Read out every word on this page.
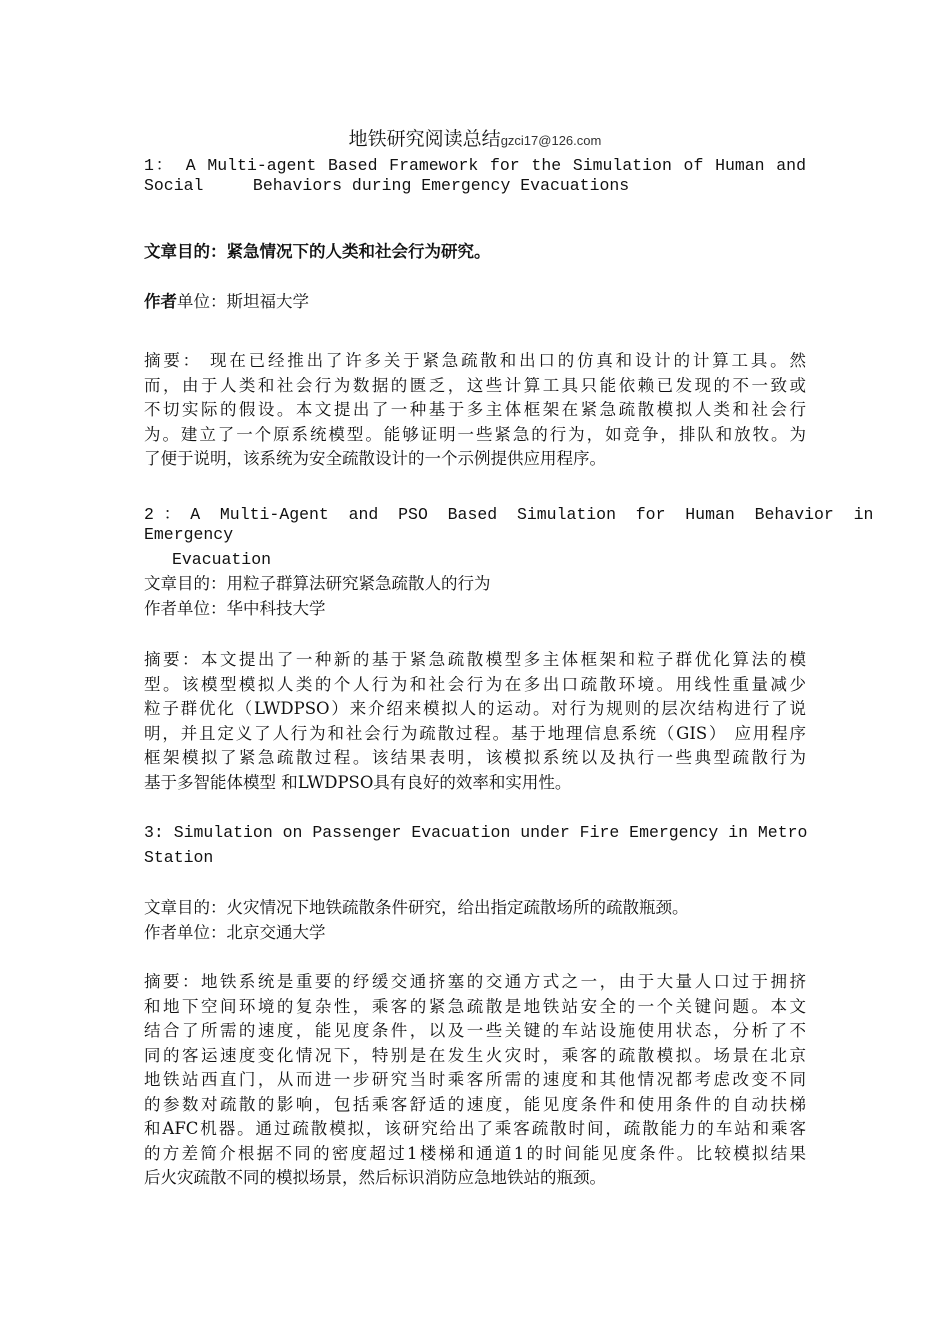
地铁研究阅读总结gzci17@126.com
1： A Multi-agent Based Framework for the Simulation of Human and
Social     Behaviors during Emergency Evacuations
文章目的：紧急情况下的人类和社会行为研究。
作者单位：斯坦福大学
摘要： 现在已经推出了许多关于紧急疏散和出口的仿真和设计的计算工具。然
而，由于人类和社会行为数据的匮乏，这些计算工具只能依赖已发现的不一致或
不切实际的假设。本文提出了一种基于多主体框架在紧急疏散模拟人类和社会行
为。建立了一个原系统模型。能够证明一些紧急的行为，如竞争，排队和放牧。为
了便于说明，该系统为安全疏散设计的一个示例提供应用程序。
2 ： A  Multi-Agent  and  PSO  Based  Simulation  for  Human  Behavior  in
Emergency
Evacuation
文章目的：用粒子群算法研究紧急疏散人的行为
作者单位：华中科技大学
摘要：本文提出了一种新的基于紧急疏散模型多主体框架和粒子群优化算法的模
型。该模型模拟人类的个人行为和社会行为在多出口疏散环境。用线性重量减少
粒子群优化（LWDPSO）来介绍来模拟人的运动。对行为规则的层次结构进行了说
明，并且定义了人行为和社会行为疏散过程。基于地理信息系统（GIS） 应用程序
框架模拟了紧急疏散过程。该结果表明，该模拟系统以及执行一些典型疏散行为
基于多智能体模型 和LWDPSO具有良好的效率和实用性。
3: Simulation on Passenger Evacuation under Fire Emergency in Metro
Station
文章目的：火灾情况下地铁疏散条件研究，给出指定疏散场所的疏散瓶颈。
作者单位：北京交通大学
摘要：地铁系统是重要的纾缓交通挤塞的交通方式之一，由于大量人口过于拥挤
和地下空间环境的复杂性，乘客的紧急疏散是地铁站安全的一个关键问题。本文
结合了所需的速度，能见度条件，以及一些关键的车站设施使用状态，分析了不
同的客运速度变化情况下，特别是在发生火灾时，乘客的疏散模拟。场景在北京
地铁站西直门，从而进一步研究当时乘客所需的速度和其他情况都考虑改变不同
的参数对疏散的影响，包括乘客舒适的速度，能见度条件和使用条件的自动扶梯
和AFC机器。通过疏散模拟，该研究给出了乘客疏散时间，疏散能力的车站和乘客
的方差简介根据不同的密度超过1楼梯和通道1的时间能见度条件。比较模拟结果
后火灾疏散不同的模拟场景，然后标识消防应急地铁站的瓶颈。
